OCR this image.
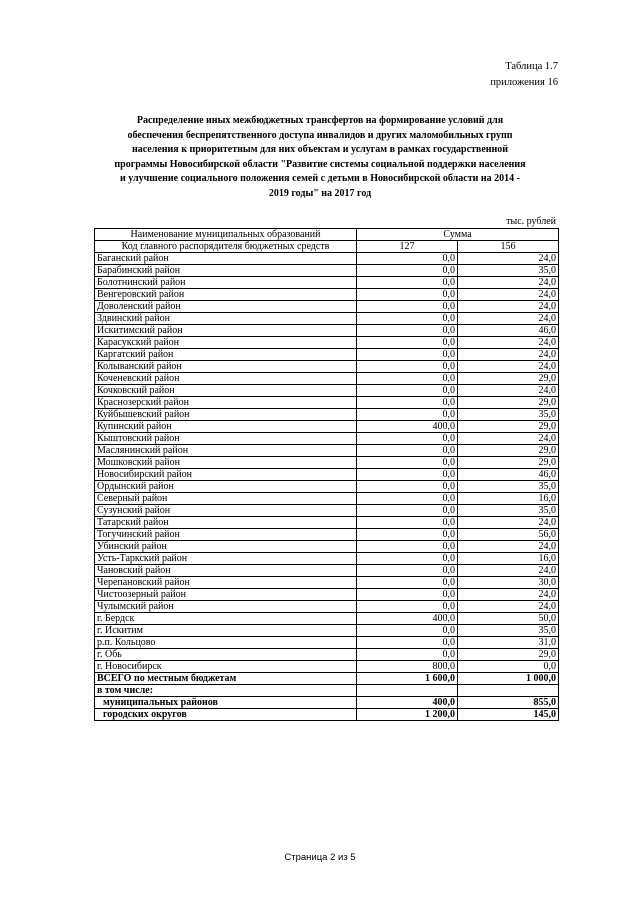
Таблица 1.7
приложения 16
Распределение иных межбюджетных трансфертов на формирование условий для
обеспечения беспрепятственного доступа инвалидов и других маломобильных групп
населения к приоритетным для них объектам и услугам в рамках государственной
программы Новосибирской области "Развитие системы социальной поддержки населения
и улучшение социального положения семей с детьми в Новосибирской области на 2014 -
2019 годы" на 2017 год
тыс. рублей
Наименование муниципальных образований	Сумма	
Код главного распорядителя бюджетных средств	127	156
Баганский район	0,0	24,0
Барабинский район	0,0	35,0
Болотнинский район	0,0	24,0
Венгеровский район	0,0	24,0
Доволенский район	0,0	24,0
Здвинский район	0,0	24,0
Искитимский район	0,0	46,0
Карасукский район	0,0	24,0
Каргатский район	0,0	24,0
Колыванский район	0,0	24,0
Коченевский район	0,0	29,0
Кочковский район	0,0	24,0
Краснозерский район	0,0	29,0
Куйбышевский район	0,0	35,0
Купинский район	400,0	29,0
Кыштовский район	0,0	24,0
Маслянинский район	0,0	29,0
Мошковский район	0,0	29,0
Новосибирский район	0,0	46,0
Ордынский район	0,0	35,0
Северный район	0,0	16,0
Сузунский район	0,0	35,0
Татарский район	0,0	24,0
Тогучинский район	0,0	56,0
Убинский район	0,0	24,0
Усть-Таркский район	0,0	16,0
Чановский район	0,0	24,0
Черепановский район	0,0	30,0
Чистоозерный район	0,0	24,0
Чулымский район	0,0	24,0
г. Бердск	400,0	50,0
г. Искитим	0,0	35,0
р.п. Кольцово	0,0	31,0
г. Обь	0,0	29,0
г. Новосибирск	800,0	0,0
ВСЕГО по местным бюджетам	1 600,0	1 000,0
в том числе:		
муниципальных районов	400,0	855,0
городских округов	1 200,0	145,0
Страница 2 из 5
